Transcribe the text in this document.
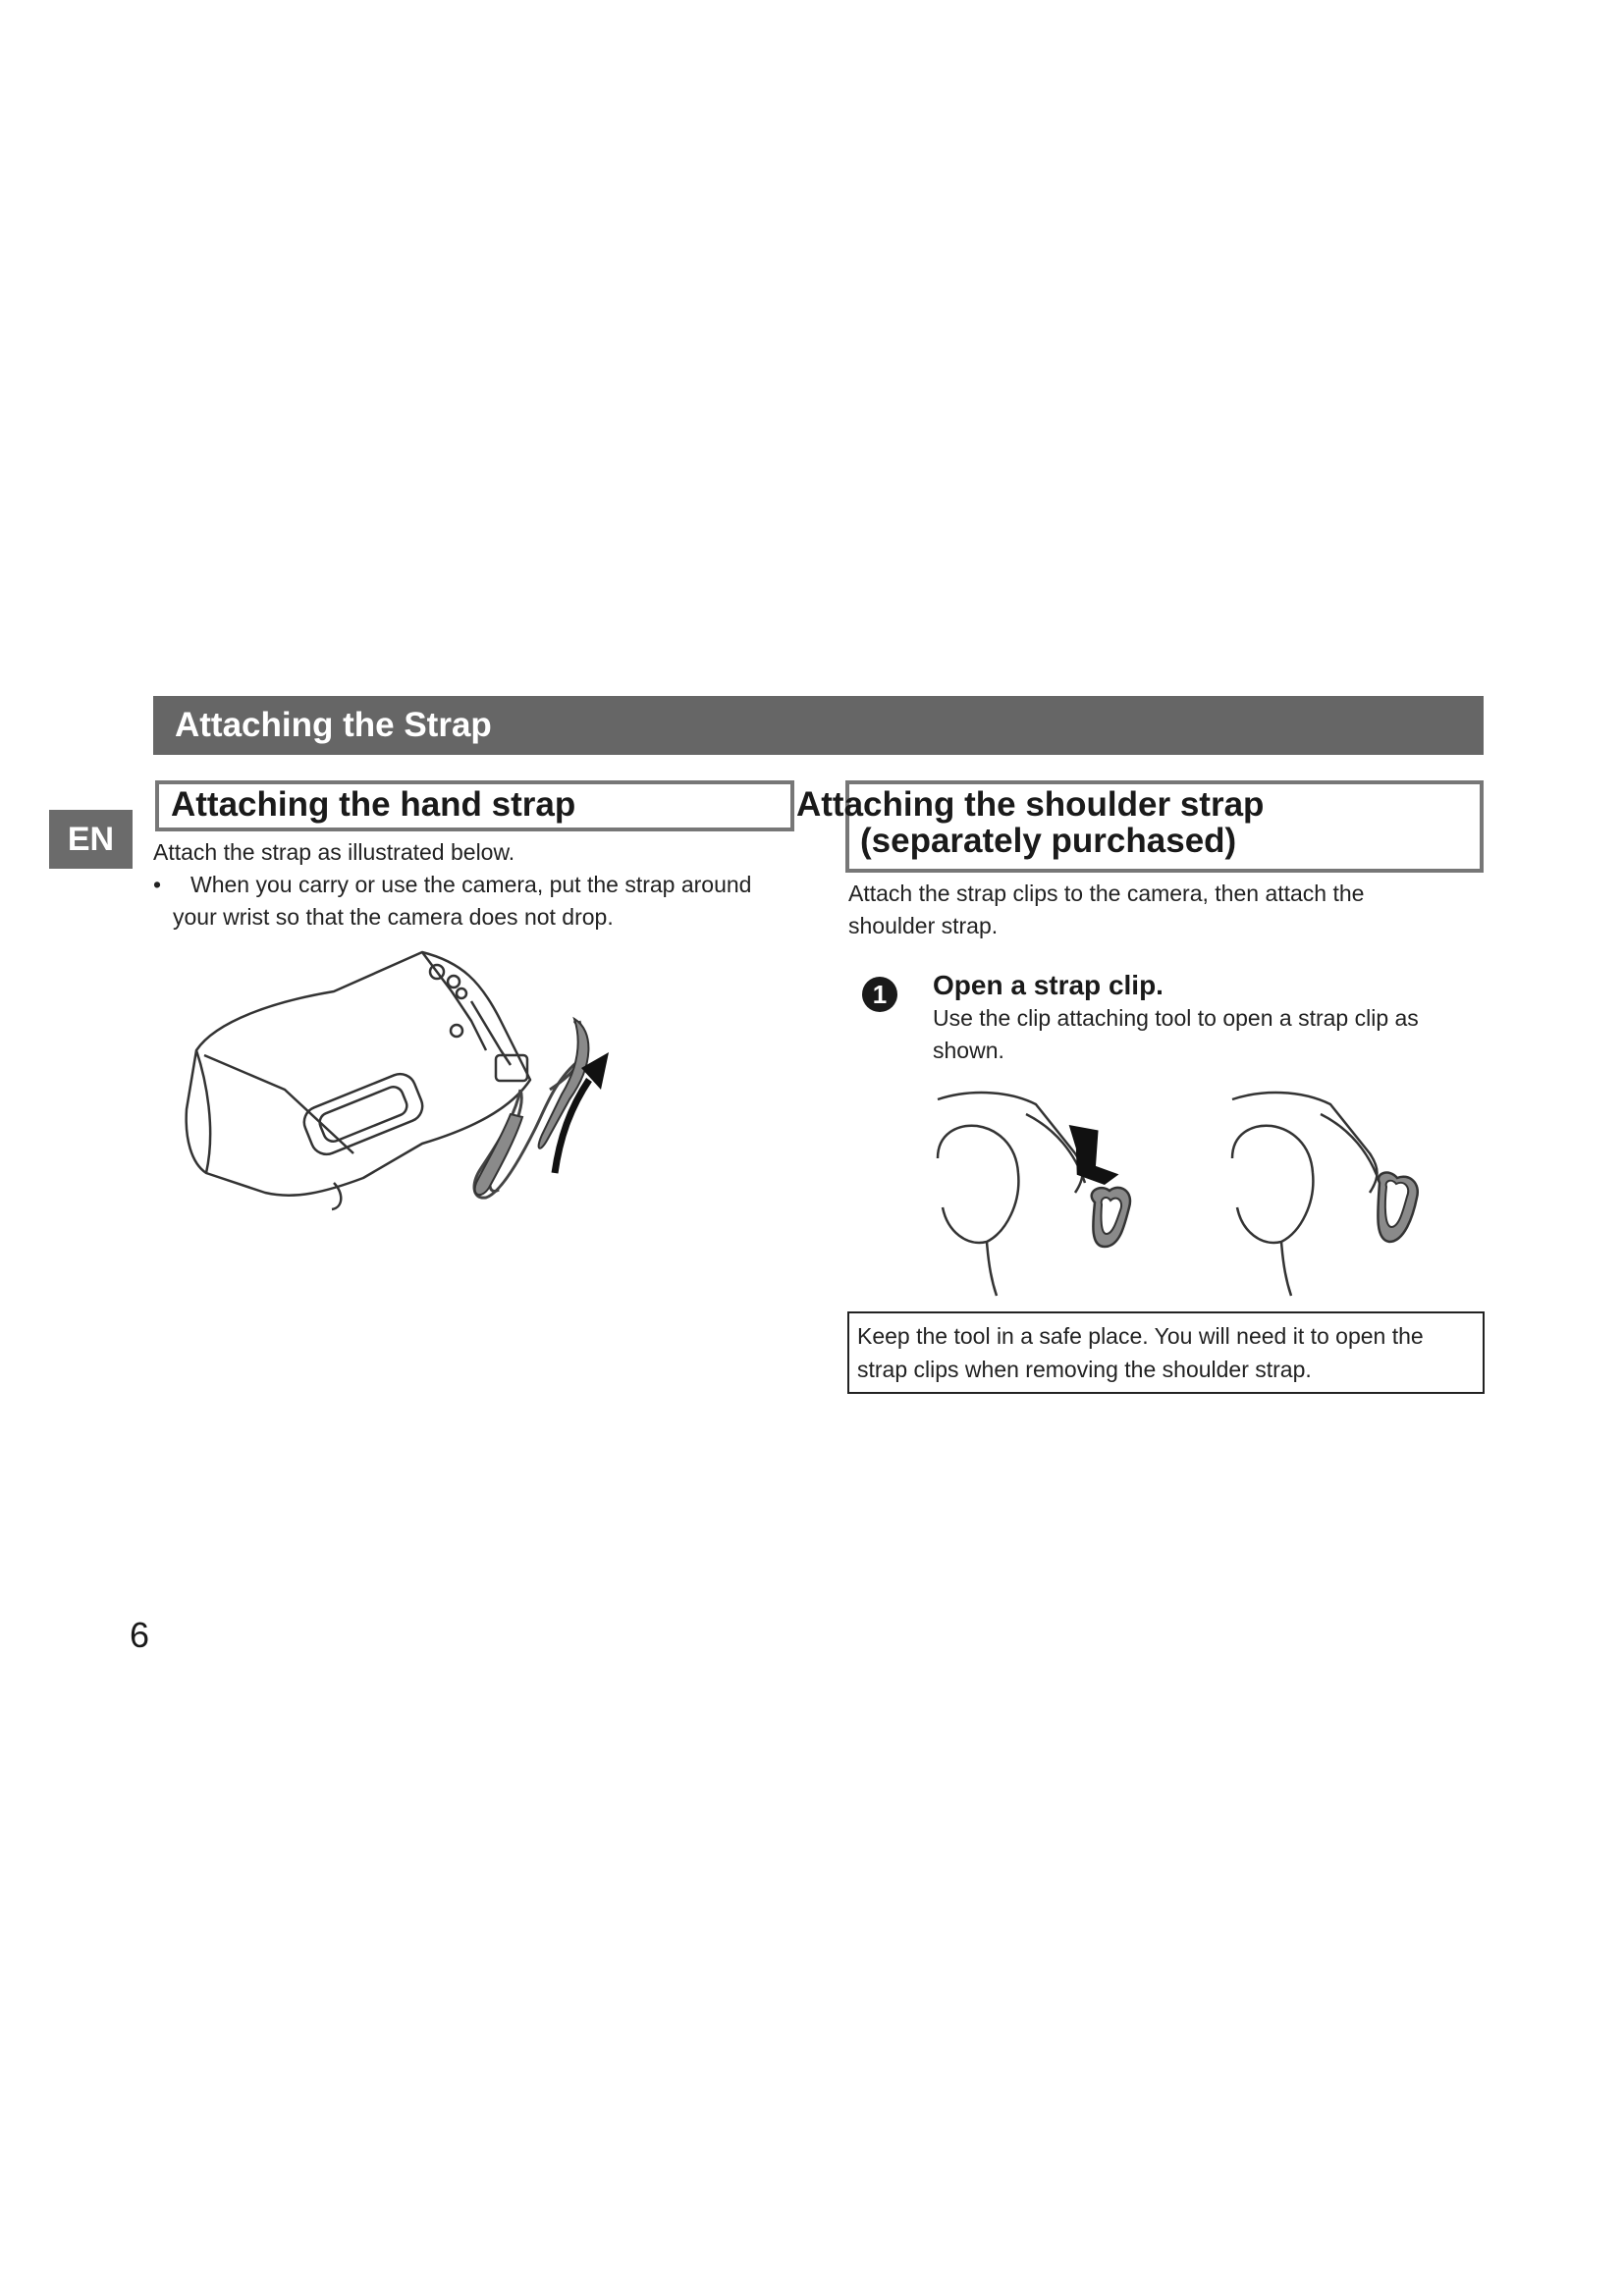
Attaching the Strap
EN
Attaching the hand strap	Attaching the shoulder strap
(separately purchased)

Attach the strap as illustrated below.

•	When you carry or use the camera, put the strap around your wrist so that the camera does not drop.
Attach the strap clips to the camera, then attach the shoulder strap.
1	Open a strap clip.
Use the clip attaching tool to open a strap clip as shown.
Keep the tool in a safe place. You will need it to open the strap clips when removing the shoulder strap.
6
